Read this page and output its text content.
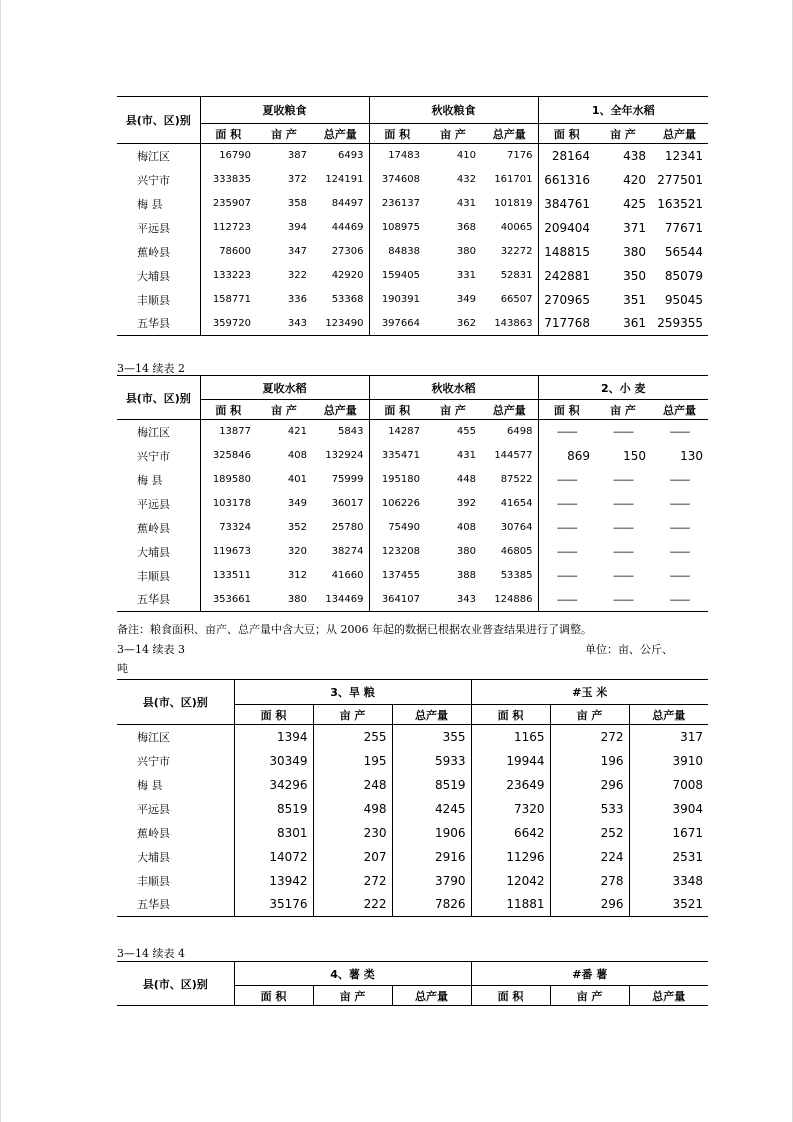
县(市、区)别	夏收粮食			秋收粮食			1、全年水稻		
	面 积	亩 产	总产量	面 积	亩 产	总产量	面 积	亩 产	总产量
梅江区	16790	387	6493	17483	410	7176	28164	438	12341
兴宁市	333835	372	124191	374608	432	161701	661316	420	277501
梅 县	235907	358	84497	236137	431	101819	384761	425	163521
平远县	112723	394	44469	108975	368	40065	209404	371	77671
蕉岭县	78600	347	27306	84838	380	32272	148815	380	56544
大埔县	133223	322	42920	159405	331	52831	242881	350	85079
丰顺县	158771	336	53368	190391	349	66507	270965	351	95045
五华县	359720	343	123490	397664	362	143863	717768	361	259355
3—14 续表 2
县(市、区)别	夏收水稻			秋收水稻			2、小 麦		
	面 积	亩 产	总产量	面 积	亩 产	总产量	面 积	亩 产	总产量
梅江区	13877	421	5843	14287	455	6498	——	——	——
兴宁市	325846	408	132924	335471	431	144577	869	150	130
梅 县	189580	401	75999	195180	448	87522	——	——	——
平远县	103178	349	36017	106226	392	41654	——	——	——
蕉岭县	73324	352	25780	75490	408	30764	——	——	——
大埔县	119673	320	38274	123208	380	46805	——	——	——
丰顺县	133511	312	41660	137455	388	53385	——	——	——
五华县	353661	380	134469	364107	343	124886	——	——	——
备注：粮食面积、亩产、总产量中含大豆；从 2006 年起的数据已根据农业普查结果进行了调整。
3—14 续表 3	单位：亩、公斤、
吨
县(市、区)别	3、旱 粮			#玉 米		
	面 积	亩 产	总产量	面 积	亩 产	总产量
梅江区	1394	255	355	1165	272	317
兴宁市	30349	195	5933	19944	196	3910
梅 县	34296	248	8519	23649	296	7008
平远县	8519	498	4245	7320	533	3904
蕉岭县	8301	230	1906	6642	252	1671
大埔县	14072	207	2916	11296	224	2531
丰顺县	13942	272	3790	12042	278	3348
五华县	35176	222	7826	11881	296	3521
3—14 续表 4
县(市、区)别	4、薯 类			#番 薯		
	面 积	亩 产	总产量	面 积	亩 产	总产量
